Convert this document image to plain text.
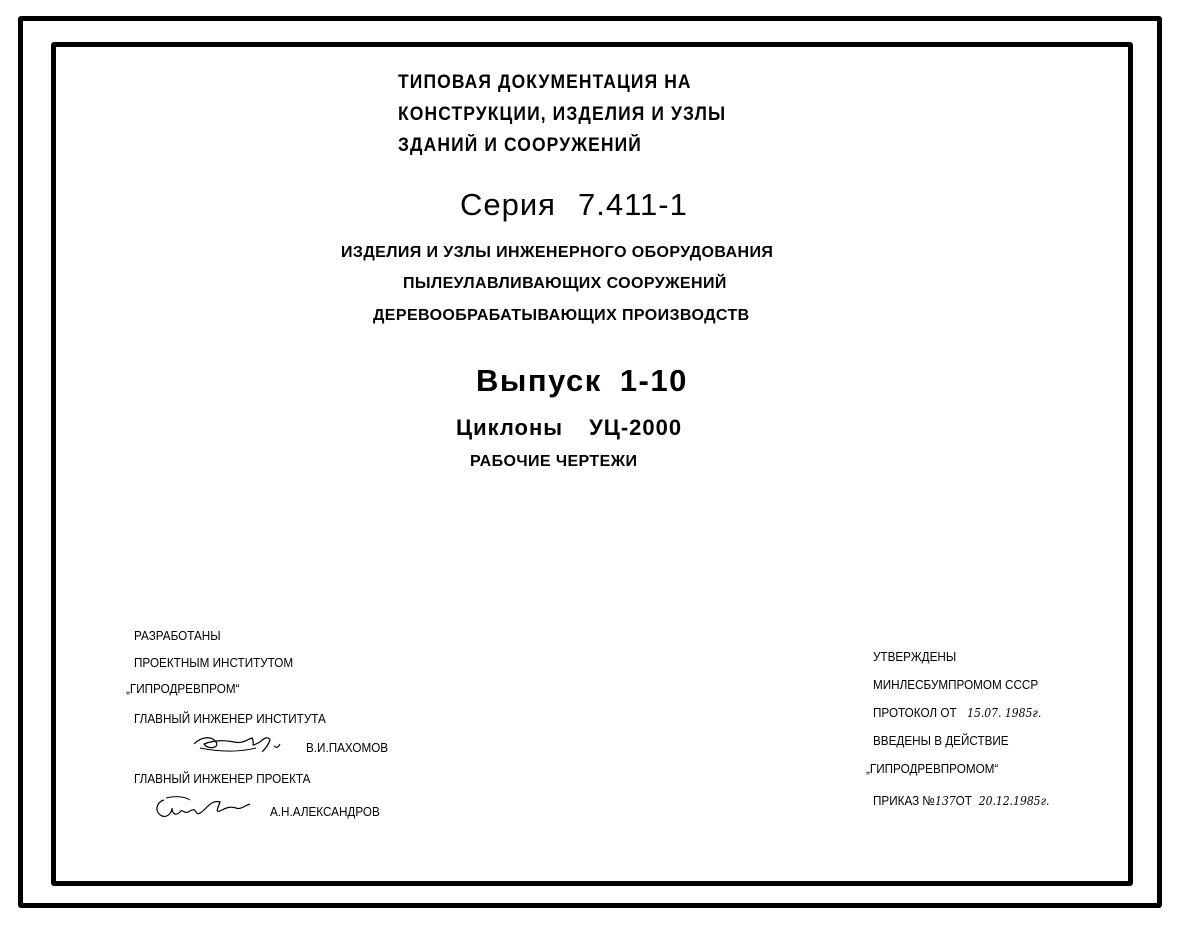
ТИПОВАЯ ДОКУМЕНТАЦИЯ НА
КОНСТРУКЦИИ, ИЗДЕЛИЯ И УЗЛЫ
ЗДАНИЙ И СООРУЖЕНИЙ
Серия 7.411-1
ИЗДЕЛИЯ И УЗЛЫ ИНЖЕНЕРНОГО ОБОРУДОВАНИЯ
ПЫЛЕУЛАВЛИВАЮЩИХ СООРУЖЕНИЙ
ДЕРЕВООБРАБАТЫВАЮЩИХ ПРОИЗВОДСТВ
Выпуск 1-10
Циклоны УЦ-2000
РАБОЧИЕ ЧЕРТЕЖИ
РАЗРАБОТАНЫ
ПРОЕКТНЫМ ИНСТИТУТОМ
„ГИПРОДРЕВПРОМ“
ГЛАВНЫЙ ИНЖЕНЕР ИНСТИТУТА
В.И.ПАХОМОВ
ГЛАВНЫЙ ИНЖЕНЕР ПРОЕКТА
А.Н.АЛЕКСАНДРОВ
УТВЕРЖДЕНЫ
МИНЛЕСБУМПРОМОМ СССР
ПРОТОКОЛ ОТ 15.07. 1985г.
ВВЕДЕНЫ В ДЕЙСТВИЕ
„ГИПРОДРЕВПРОМОМ“
ПРИКАЗ №137ОТ 20.12.1985г.
